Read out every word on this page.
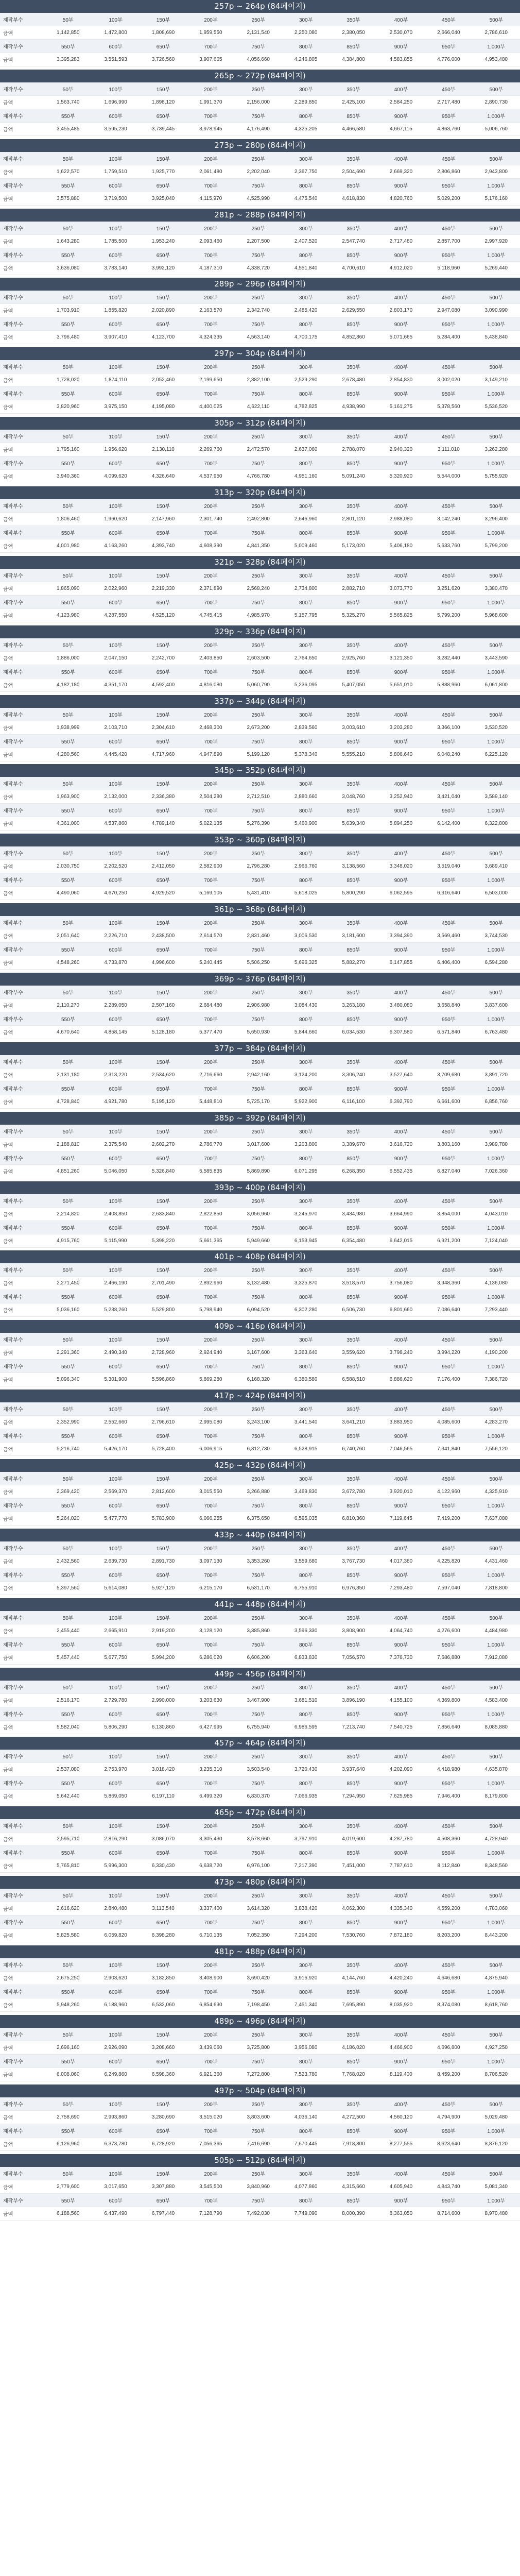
257p ~ 264p (84페이지)
제작부수	50부	100부	150부	200부	250부	300부	350부	400부	450부	500부
금액	1,142,850	1,472,800	1,808,690	1,959,550	2,131,540	2,250,080	2,380,050	2,530,070	2,666,040	2,786,610
제작부수	550부	600부	650부	700부	750부	800부	850부	900부	950부	1,000부
금액	3,395,283	3,551,593	3,726,560	3,907,605	4,056,660	4,246,805	4,384,800	4,583,855	4,776,000	4,953,480
265p ~ 272p (84페이지)
제작부수	50부	100부	150부	200부	250부	300부	350부	400부	450부	500부
금액	1,563,740	1,696,990	1,898,120	1,991,370	2,156,000	2,289,850	2,425,100	2,584,250	2,717,480	2,890,730
제작부수	550부	600부	650부	700부	750부	800부	850부	900부	950부	1,000부
금액	3,455,485	3,595,230	3,739,445	3,978,945	4,176,490	4,325,205	4,466,580	4,667,115	4,863,760	5,006,760
273p ~ 280p (84페이지)
제작부수	50부	100부	150부	200부	250부	300부	350부	400부	450부	500부
금액	1,622,570	1,759,510	1,925,770	2,061,480	2,202,040	2,367,750	2,504,690	2,669,320	2,806,860	2,943,800
제작부수	550부	600부	650부	700부	750부	800부	850부	900부	950부	1,000부
금액	3,575,880	3,719,500	3,925,040	4,115,970	4,525,990	4,475,540	4,618,830	4,820,760	5,029,200	5,176,160
281p ~ 288p (84페이지)
제작부수	50부	100부	150부	200부	250부	300부	350부	400부	450부	500부
금액	1,643,280	1,785,500	1,953,240	2,093,460	2,207,500	2,407,520	2,547,740	2,717,480	2,857,700	2,997,920
제작부수	550부	600부	650부	700부	750부	800부	850부	900부	950부	1,000부
금액	3,636,080	3,783,140	3,992,120	4,187,310	4,338,720	4,551,840	4,700,610	4,912,020	5,118,960	5,269,440
289p ~ 296p (84페이지)
제작부수	50부	100부	150부	200부	250부	300부	350부	400부	450부	500부
금액	1,703,910	1,855,820	2,020,890	2,163,570	2,342,740	2,485,420	2,629,550	2,803,170	2,947,080	3,090,990
제작부수	550부	600부	650부	700부	750부	800부	850부	900부	950부	1,000부
금액	3,796,480	3,907,410	4,123,700	4,324,335	4,563,140	4,700,175	4,852,860	5,071,665	5,284,400	5,438,840
297p ~ 304p (84페이지)
제작부수	50부	100부	150부	200부	250부	300부	350부	400부	450부	500부
금액	1,728,020	1,874,110	2,052,460	2,199,650	2,382,100	2,529,290	2,678,480	2,854,830	3,002,020	3,149,210
제작부수	550부	600부	650부	700부	750부	800부	850부	900부	950부	1,000부
금액	3,820,960	3,975,150	4,195,080	4,400,025	4,622,110	4,782,825	4,938,990	5,161,275	5,378,560	5,536,520
305p ~ 312p (84페이지)
제작부수	50부	100부	150부	200부	250부	300부	350부	400부	450부	500부
금액	1,795,160	1,956,620	2,130,110	2,269,760	2,472,570	2,637,060	2,788,070	2,940,320	3,111,010	3,262,280
제작부수	550부	600부	650부	700부	750부	800부	850부	900부	950부	1,000부
금액	3,940,360	4,099,620	4,326,640	4,537,950	4,766,780	4,951,160	5,091,240	5,320,920	5,544,000	5,755,920
313p ~ 320p (84페이지)
제작부수	50부	100부	150부	200부	250부	300부	350부	400부	450부	500부
금액	1,806,460	1,960,620	2,147,960	2,301,740	2,492,800	2,646,960	2,801,120	2,988,080	3,142,240	3,296,400
제작부수	550부	600부	650부	700부	750부	800부	850부	900부	950부	1,000부
금액	4,001,980	4,163,260	4,393,740	4,608,390	4,841,350	5,009,460	5,173,020	5,406,180	5,633,760	5,799,200
321p ~ 328p (84페이지)
제작부수	50부	100부	150부	200부	250부	300부	350부	400부	450부	500부
금액	1,865,090	2,022,960	2,219,330	2,371,890	2,568,240	2,734,800	2,882,710	3,073,770	3,251,620	3,380,470
제작부수	550부	600부	650부	700부	750부	800부	850부	900부	950부	1,000부
금액	4,123,980	4,287,550	4,525,120	4,745,415	4,985,970	5,157,795	5,325,270	5,565,825	5,799,200	5,968,600
329p ~ 336p (84페이지)
제작부수	50부	100부	150부	200부	250부	300부	350부	400부	450부	500부
금액	1,886,000	2,047,150	2,242,700	2,403,850	2,603,500	2,764,650	2,925,760	3,121,350	3,282,440	3,443,590
제작부수	550부	600부	650부	700부	750부	800부	850부	900부	950부	1,000부
금액	4,182,180	4,351,170	4,592,400	4,816,080	5,060,790	5,236,095	5,407,050	5,651,010	5,888,960	6,061,800
337p ~ 344p (84페이지)
제작부수	50부	100부	150부	200부	250부	300부	350부	400부	450부	500부
금액	1,938,999	2,103,710	2,304,610	2,468,300	2,673,200	2,839,560	3,003,610	3,203,280	3,366,100	3,530,520
제작부수	550부	600부	650부	700부	750부	800부	850부	900부	950부	1,000부
금액	4,280,560	4,445,420	4,717,960	4,947,890	5,199,120	5,378,340	5,555,210	5,806,640	6,048,240	6,225,120
345p ~ 352p (84페이지)
제작부수	50부	100부	150부	200부	250부	300부	350부	400부	450부	500부
금액	1,963,900	2,132,000	2,336,380	2,504,280	2,712,510	2,880,660	3,048,760	3,252,940	3,421,040	3,589,140
제작부수	550부	600부	650부	700부	750부	800부	850부	900부	950부	1,000부
금액	4,361,000	4,537,860	4,789,140	5,022,135	5,276,390	5,460,900	5,639,340	5,894,250	6,142,400	6,322,800
353p ~ 360p (84페이지)
제작부수	50부	100부	150부	200부	250부	300부	350부	400부	450부	500부
금액	2,030,750	2,202,520	2,412,050	2,582,900	2,796,280	2,966,760	3,138,560	3,348,020	3,519,040	3,689,410
제작부수	550부	600부	650부	700부	750부	800부	850부	900부	950부	1,000부
금액	4,490,060	4,670,250	4,929,520	5,169,105	5,431,410	5,618,025	5,800,290	6,062,595	6,316,640	6,503,000
361p ~ 368p (84페이지)
제작부수	50부	100부	150부	200부	250부	300부	350부	400부	450부	500부
금액	2,051,640	2,226,710	2,438,500	2,614,570	2,831,460	3,006,530	3,181,600	3,394,390	3,569,460	3,744,530
제작부수	550부	600부	650부	700부	750부	800부	850부	900부	950부	1,000부
금액	4,548,260	4,733,870	4,996,600	5,240,445	5,506,250	5,696,325	5,882,270	6,147,855	6,406,400	6,594,280
369p ~ 376p (84페이지)
제작부수	50부	100부	150부	200부	250부	300부	350부	400부	450부	500부
금액	2,110,270	2,289,050	2,507,160	2,684,480	2,906,980	3,084,430	3,263,180	3,480,080	3,658,840	3,837,600
제작부수	550부	600부	650부	700부	750부	800부	850부	900부	950부	1,000부
금액	4,670,640	4,858,145	5,128,180	5,377,470	5,650,930	5,844,660	6,034,530	6,307,580	6,571,840	6,763,480
377p ~ 384p (84페이지)
제작부수	50부	100부	150부	200부	250부	300부	350부	400부	450부	500부
금액	2,131,180	2,313,220	2,534,620	2,716,660	2,942,160	3,124,200	3,306,240	3,527,640	3,709,680	3,891,720
제작부수	550부	600부	650부	700부	750부	800부	850부	900부	950부	1,000부
금액	4,728,840	4,921,780	5,195,120	5,448,810	5,725,170	5,922,900	6,116,100	6,392,790	6,661,600	6,856,760
385p ~ 392p (84페이지)
제작부수	50부	100부	150부	200부	250부	300부	350부	400부	450부	500부
금액	2,188,810	2,375,540	2,602,270	2,786,770	3,017,600	3,203,800	3,389,670	3,616,720	3,803,160	3,989,780
제작부수	550부	600부	650부	700부	750부	800부	850부	900부	950부	1,000부
금액	4,851,260	5,046,050	5,326,840	5,585,835	5,869,890	6,071,295	6,268,350	6,552,435	6,827,040	7,026,360
393p ~ 400p (84페이지)
제작부수	50부	100부	150부	200부	250부	300부	350부	400부	450부	500부
금액	2,214,820	2,403,850	2,633,840	2,822,850	3,056,960	3,245,970	3,434,980	3,664,990	3,854,000	4,043,010
제작부수	550부	600부	650부	700부	750부	800부	850부	900부	950부	1,000부
금액	4,915,760	5,115,990	5,398,220	5,661,365	5,949,660	6,153,945	6,354,480	6,642,015	6,921,200	7,124,040
401p ~ 408p (84페이지)
제작부수	50부	100부	150부	200부	250부	300부	350부	400부	450부	500부
금액	2,271,450	2,466,190	2,701,490	2,892,960	3,132,480	3,325,870	3,518,570	3,756,080	3,948,360	4,136,080
제작부수	550부	600부	650부	700부	750부	800부	850부	900부	950부	1,000부
금액	5,036,160	5,238,260	5,529,800	5,798,940	6,094,520	6,302,280	6,506,730	6,801,660	7,086,640	7,293,440
409p ~ 416p (84페이지)
제작부수	50부	100부	150부	200부	250부	300부	350부	400부	450부	500부
금액	2,291,360	2,490,340	2,728,960	2,924,940	3,167,600	3,363,640	3,559,620	3,798,240	3,994,220	4,190,200
제작부수	550부	600부	650부	700부	750부	800부	850부	900부	950부	1,000부
금액	5,096,340	5,301,900	5,596,860	5,869,280	6,168,320	6,380,580	6,588,510	6,886,620	7,176,400	7,386,720
417p ~ 424p (84페이지)
제작부수	50부	100부	150부	200부	250부	300부	350부	400부	450부	500부
금액	2,352,990	2,552,660	2,796,610	2,995,080	3,243,100	3,441,540	3,641,210	3,883,950	4,085,600	4,283,270
제작부수	550부	600부	650부	700부	750부	800부	850부	900부	950부	1,000부
금액	5,216,740	5,426,170	5,728,400	6,006,915	6,312,730	6,528,915	6,740,760	7,046,565	7,341,840	7,556,120
425p ~ 432p (84페이지)
제작부수	50부	100부	150부	200부	250부	300부	350부	400부	450부	500부
금액	2,369,420	2,569,370	2,812,600	3,015,550	3,266,880	3,469,830	3,672,780	3,920,010	4,122,960	4,325,910
제작부수	550부	600부	650부	700부	750부	800부	850부	900부	950부	1,000부
금액	5,264,020	5,477,770	5,783,900	6,066,255	6,375,650	6,595,035	6,810,360	7,119,645	7,419,200	7,637,080
433p ~ 440p (84페이지)
제작부수	50부	100부	150부	200부	250부	300부	350부	400부	450부	500부
금액	2,432,560	2,639,730	2,891,730	3,097,130	3,353,260	3,559,680	3,767,730	4,017,380	4,225,820	4,431,460
제작부수	550부	600부	650부	700부	750부	800부	850부	900부	950부	1,000부
금액	5,397,560	5,614,080	5,927,120	6,215,170	6,531,170	6,755,910	6,976,350	7,293,480	7,597,040	7,818,800
441p ~ 448p (84페이지)
제작부수	50부	100부	150부	200부	250부	300부	350부	400부	450부	500부
금액	2,455,440	2,665,910	2,919,200	3,128,120	3,385,860	3,596,330	3,808,900	4,064,740	4,276,600	4,484,980
제작부수	550부	600부	650부	700부	750부	800부	850부	900부	950부	1,000부
금액	5,457,440	5,677,750	5,994,200	6,286,020	6,606,200	6,833,830	7,056,570	7,376,730	7,686,880	7,912,080
449p ~ 456p (84페이지)
제작부수	50부	100부	150부	200부	250부	300부	350부	400부	450부	500부
금액	2,516,170	2,729,780	2,990,000	3,203,630	3,467,900	3,681,510	3,896,190	4,155,100	4,369,800	4,583,400
제작부수	550부	600부	650부	700부	750부	800부	850부	900부	950부	1,000부
금액	5,582,040	5,806,290	6,130,860	6,427,995	6,755,940	6,986,595	7,213,740	7,540,725	7,856,640	8,085,880
457p ~ 464p (84페이지)
제작부수	50부	100부	150부	200부	250부	300부	350부	400부	450부	500부
금액	2,537,080	2,753,970	3,018,420	3,235,310	3,503,540	3,720,430	3,937,640	4,202,090	4,418,980	4,635,870
제작부수	550부	600부	650부	700부	750부	800부	850부	900부	950부	1,000부
금액	5,642,440	5,869,050	6,197,110	6,499,320	6,830,370	7,066,935	7,294,950	7,625,985	7,946,400	8,179,800
465p ~ 472p (84페이지)
제작부수	50부	100부	150부	200부	250부	300부	350부	400부	450부	500부
금액	2,595,710	2,816,290	3,086,070	3,305,430	3,578,660	3,797,910	4,019,600	4,287,780	4,508,360	4,728,940
제작부수	550부	600부	650부	700부	750부	800부	850부	900부	950부	1,000부
금액	5,765,810	5,996,300	6,330,430	6,638,720	6,976,100	7,217,390	7,451,000	7,787,610	8,112,840	8,348,560
473p ~ 480p (84페이지)
제작부수	50부	100부	150부	200부	250부	300부	350부	400부	450부	500부
금액	2,616,620	2,840,480	3,113,540	3,337,400	3,614,320	3,838,420	4,062,300	4,335,340	4,559,200	4,783,060
제작부수	550부	600부	650부	700부	750부	800부	850부	900부	950부	1,000부
금액	5,825,580	6,059,820	6,398,280	6,710,135	7,052,350	7,294,200	7,530,760	7,872,180	8,203,200	8,443,200
481p ~ 488p (84페이지)
제작부수	50부	100부	150부	200부	250부	300부	350부	400부	450부	500부
금액	2,675,250	2,903,620	3,182,850	3,408,900	3,690,420	3,916,920	4,144,760	4,420,240	4,646,680	4,875,940
제작부수	550부	600부	650부	700부	750부	800부	850부	900부	950부	1,000부
금액	5,948,260	6,188,960	6,532,060	6,854,630	7,198,450	7,451,340	7,695,890	8,035,920	8,374,080	8,618,760
489p ~ 496p (84페이지)
제작부수	50부	100부	150부	200부	250부	300부	350부	400부	450부	500부
금액	2,696,160	2,926,090	3,208,660	3,439,060	3,725,800	3,956,080	4,186,020	4,466,900	4,696,800	4,927,250
제작부수	550부	600부	650부	700부	750부	800부	850부	900부	950부	1,000부
금액	6,008,060	6,249,860	6,598,360	6,921,360	7,272,800	7,523,780	7,768,020	8,119,400	8,459,200	8,706,520
497p ~ 504p (84페이지)
제작부수	50부	100부	150부	200부	250부	300부	350부	400부	450부	500부
금액	2,758,690	2,993,860	3,280,690	3,515,020	3,803,600	4,036,140	4,272,500	4,560,120	4,794,900	5,029,480
제작부수	550부	600부	650부	700부	750부	800부	850부	900부	950부	1,000부
금액	6,126,960	6,373,780	6,728,920	7,056,365	7,416,690	7,670,445	7,918,800	8,277,555	8,623,640	8,876,120
505p ~ 512p (84페이지)
제작부수	50부	100부	150부	200부	250부	300부	350부	400부	450부	500부
금액	2,779,600	3,017,650	3,307,880	3,545,500	3,840,960	4,077,860	4,315,660	4,605,940	4,843,740	5,081,340
제작부수	550부	600부	650부	700부	750부	800부	850부	900부	950부	1,000부
금액	6,188,560	6,437,490	6,797,440	7,128,790	7,492,030	7,749,090	8,000,390	8,363,050	8,714,600	8,970,480
